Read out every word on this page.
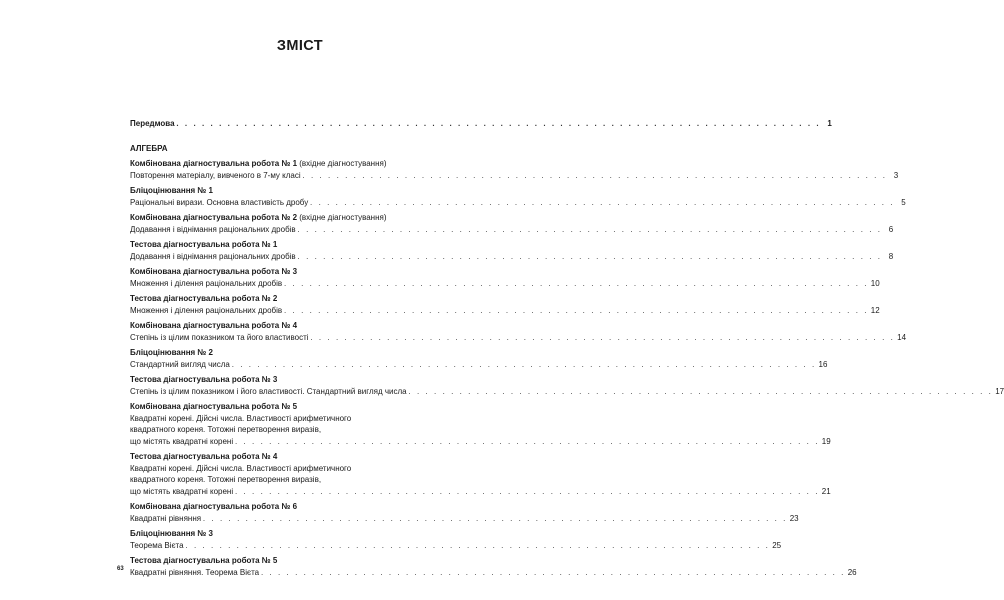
ЗМІСТ
Передмова . . . . . . . . . . . . . . . . . . . . . . . . . . . . . . . . . . . . . . . . . . . . . . . . . . . . . . . . . . . . . . . . . . . . . . . . . . . . 1
АЛГЕБРА
Комбінована діагностувальна робота № 1 (вхідне діагностування)
Повторення матеріалу, вивченого в 7-му класі . . . . . . . . . . . . . . . . . . . . . . . . . . . . . . . . . . . . . . . . . . . . . . . . . . . . . . . . . . . . . . . . . . . . . 3
Бліцоцінювання № 1
Раціональні вирази. Основна властивість дробу . . . . . . . . . . . . . . . . . . . . . . . . . . . . . . . . . . . . . . . . . . . . . . . . . . . . . . . . . . . . . . . . . . . . . 5
Комбінована діагностувальна робота № 2 (вхідне діагностування)
Додавання і віднімання раціональних дробів . . . . . . . . . . . . . . . . . . . . . . . . . . . . . . . . . . . . . . . . . . . . . . . . . . . . . . . . . . . . . . . . . . . . . 6
Тестова діагностувальна робота № 1
Додавання і віднімання раціональних дробів . . . . . . . . . . . . . . . . . . . . . . . . . . . . . . . . . . . . . . . . . . . . . . . . . . . . . . . . . . . . . . . . . . . . . 8
Комбінована діагностувальна робота № 3
Множення і ділення раціональних дробів . . . . . . . . . . . . . . . . . . . . . . . . . . . . . . . . . . . . . . . . . . . . . . . . . . . . . . . . . . . . . . . . . . . . . 10
Тестова діагностувальна робота № 2
Множення і ділення раціональних дробів . . . . . . . . . . . . . . . . . . . . . . . . . . . . . . . . . . . . . . . . . . . . . . . . . . . . . . . . . . . . . . . . . . . . . 12
Комбінована діагностувальна робота № 4
Степінь із цілим показником та його властивості . . . . . . . . . . . . . . . . . . . . . . . . . . . . . . . . . . . . . . . . . . . . . . . . . . . . . . . . . . . . . . . . . . . . . 14
Бліцоцінювання № 2
Стандартний вигляд числа . . . . . . . . . . . . . . . . . . . . . . . . . . . . . . . . . . . . . . . . . . . . . . . . . . . . . . . . . . . . . . . . . . . . . 16
Тестова діагностувальна робота № 3
Степінь із цілим показником і його властивості. Стандартний вигляд числа . . . . . . . . . . . . . . . . . . . . . . . . . . . . . . . . . . . . . . . . . . . . . . . . . . . . . . . . . . . . . . . . . . . . . 17
Комбінована діагностувальна робота № 5
Квадратні корені. Дійсні числа. Властивості арифметичного
квадратного кореня. Тотожні перетворення виразів,
що містять квадратні корені . . . . . . . . . . . . . . . . . . . . . . . . . . . . . . . . . . . . . . . . . . . . . . . . . . . . . . . . . . . . . . . . . . . . . 19
Тестова діагностувальна робота № 4
Квадратні корені. Дійсні числа. Властивості арифметичного
квадратного кореня. Тотожні перетворення виразів,
що містять квадратні корені . . . . . . . . . . . . . . . . . . . . . . . . . . . . . . . . . . . . . . . . . . . . . . . . . . . . . . . . . . . . . . . . . . . . . 21
Комбінована діагностувальна робота № 6
Квадратні рівняння . . . . . . . . . . . . . . . . . . . . . . . . . . . . . . . . . . . . . . . . . . . . . . . . . . . . . . . . . . . . . . . . . . . . . 23
Бліцоцінювання № 3
Теорема Вієта . . . . . . . . . . . . . . . . . . . . . . . . . . . . . . . . . . . . . . . . . . . . . . . . . . . . . . . . . . . . . . . . . . . . . 25
Тестова діагностувальна робота № 5
Квадратні рівняння. Теорема Вієта . . . . . . . . . . . . . . . . . . . . . . . . . . . . . . . . . . . . . . . . . . . . . . . . . . . . . . . . . . . . . . . . . . . . . 26
63
